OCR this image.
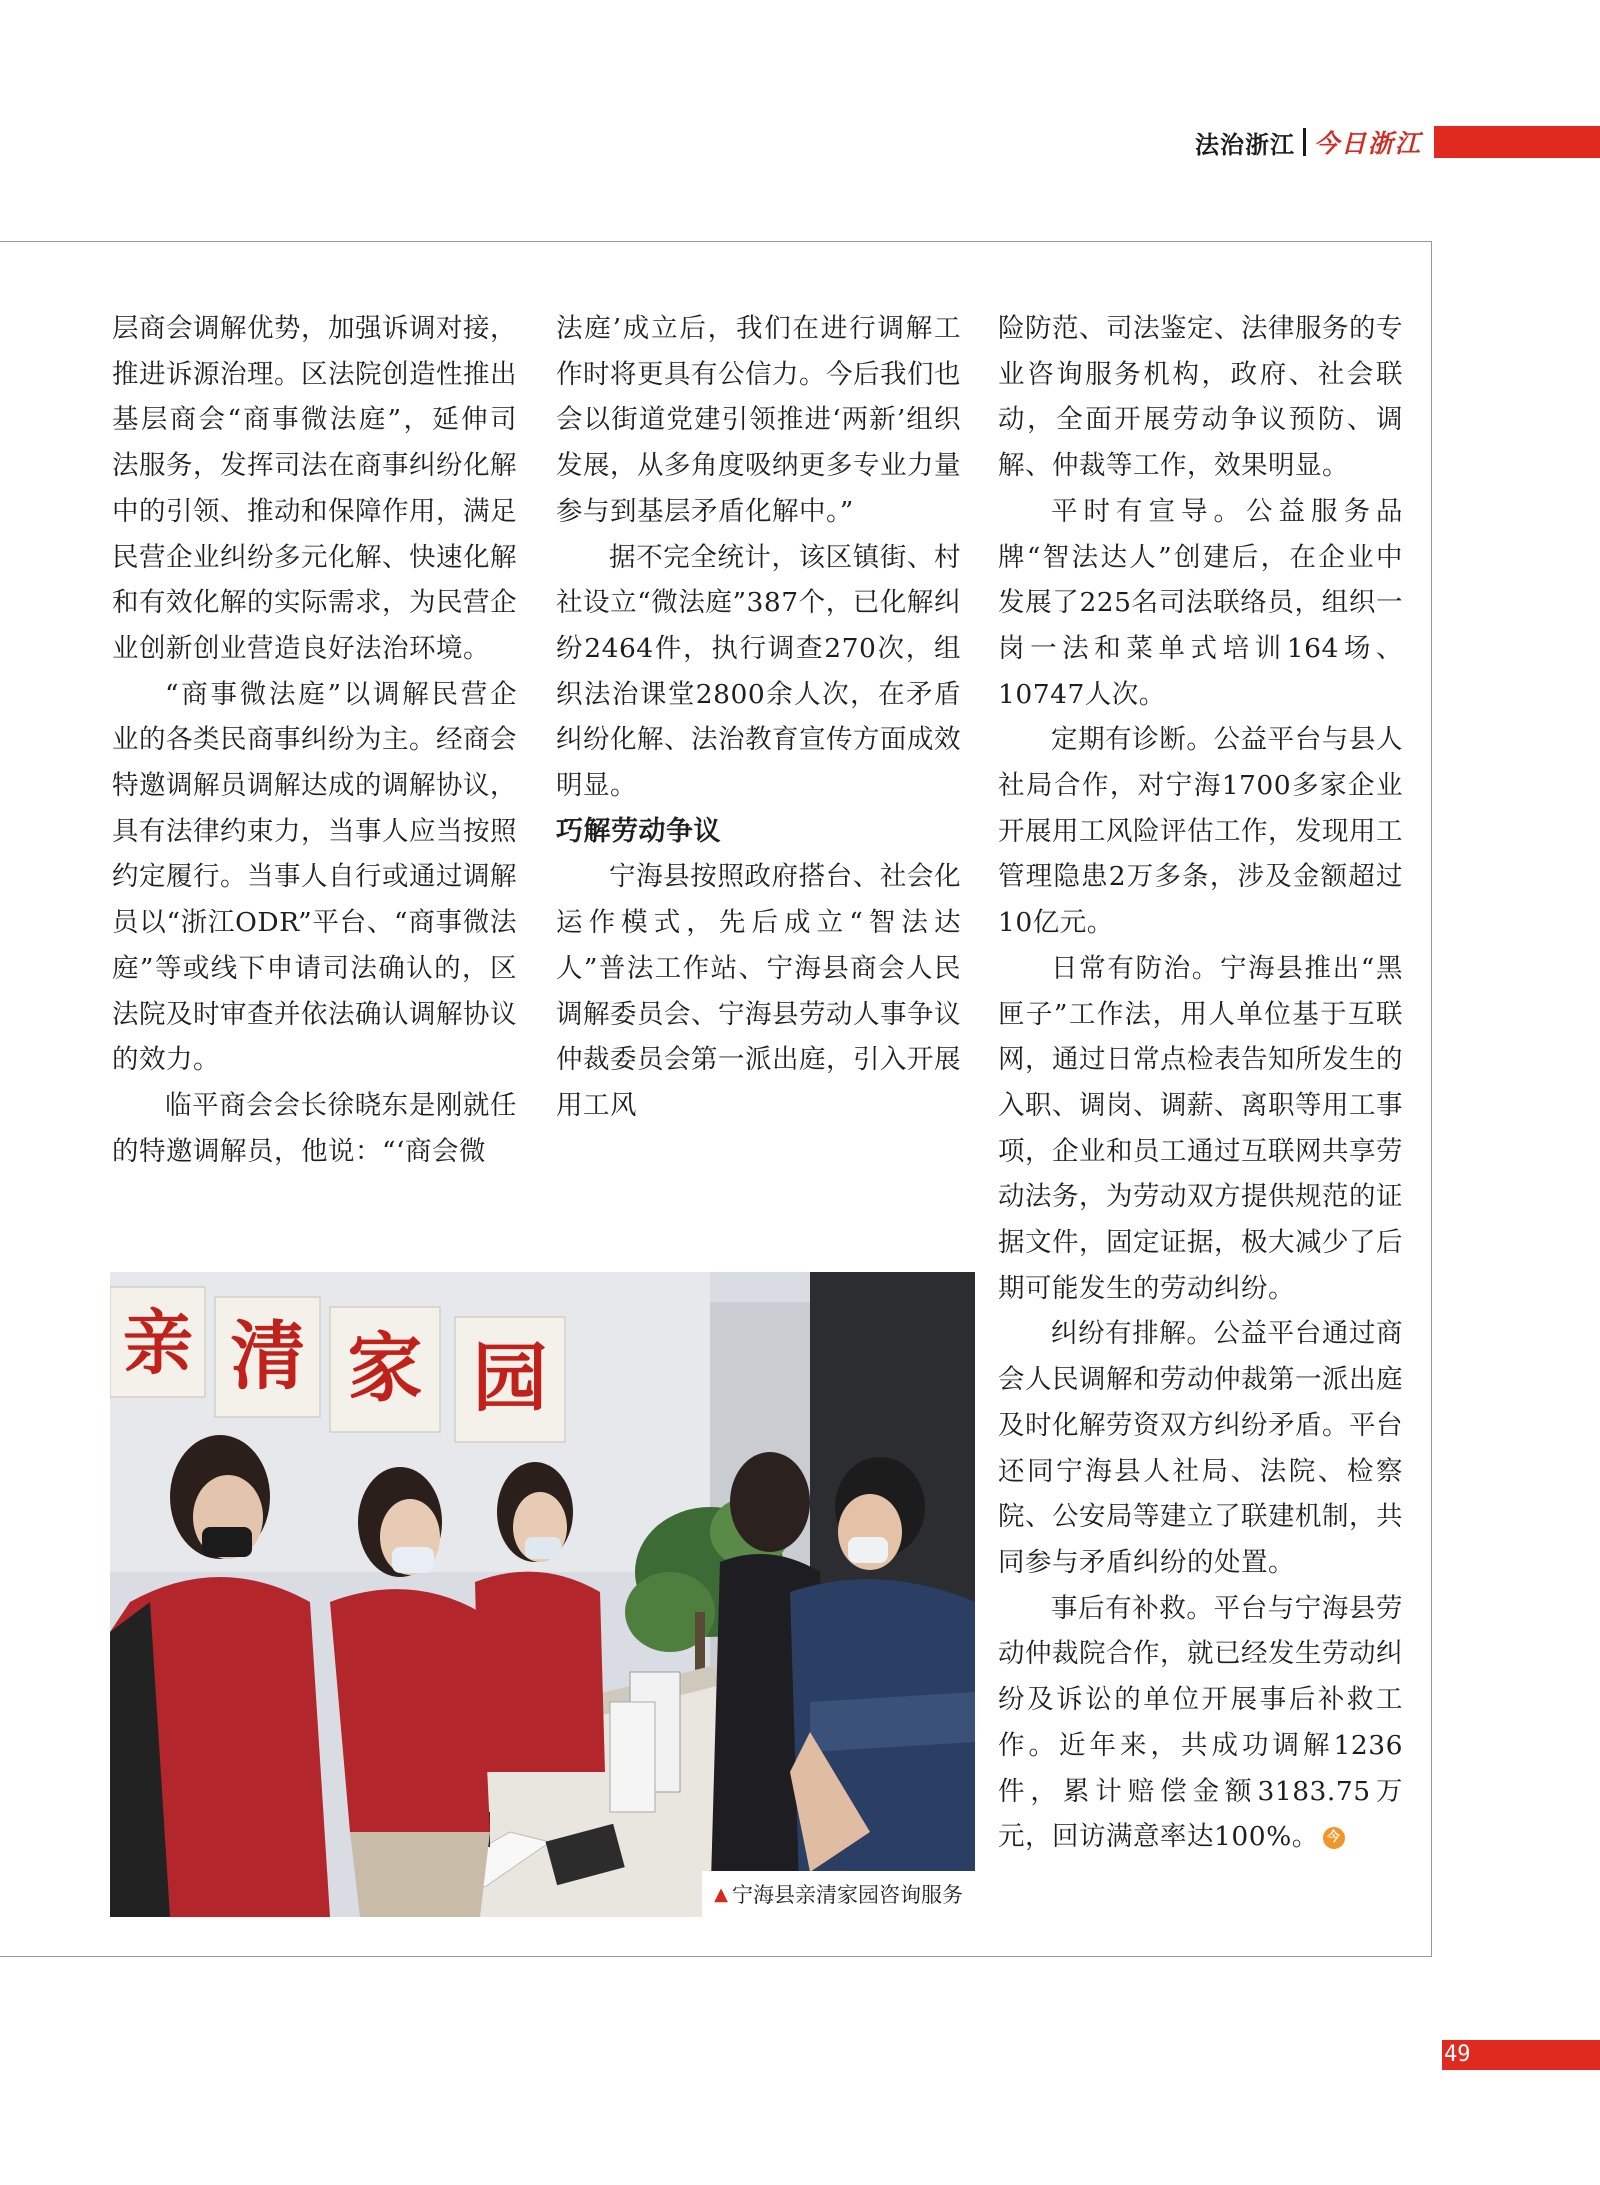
法治浙江 今日浙江

层商会调解优势，加强诉调对接，推进诉源治理。区法院创造性推出基层商会“商事微法庭”，延伸司法服务，发挥司法在商事纠纷化解中的引领、推动和保障作用，满足民营企业纠纷多元化解、快速化解和有效化解的实际需求，为民营企业创新创业营造良好法治环境。

“商事微法庭”以调解民营企业的各类民商事纠纷为主。经商会特邀调解员调解达成的调解协议，具有法律约束力，当事人应当按照约定履行。当事人自行或通过调解员以“浙江ODR”平台、“商事微法庭”等或线下申请司法确认的，区法院及时审查并依法确认调解协议的效力。

临平商会会长徐晓东是刚就任的特邀调解员，他说：“‘商会微

法庭’成立后，我们在进行调解工作时将更具有公信力。今后我们也会以街道党建引领推进‘两新’组织发展，从多角度吸纳更多专业力量参与到基层矛盾化解中。”

据不完全统计，该区镇街、村社设立“微法庭”387个，已化解纠纷2464件，执行调查270次，组织法治课堂2800余人次，在矛盾纠纷化解、法治教育宣传方面成效明显。

巧解劳动争议

宁海县按照政府搭台、社会化运作模式，先后成立“智法达人”普法工作站、宁海县商会人民调解委员会、宁海县劳动人事争议仲裁委员会第一派出庭，引入开展用工风

险防范、司法鉴定、法律服务的专业咨询服务机构，政府、社会联动，全面开展劳动争议预防、调解、仲裁等工作，效果明显。

平时有宣导。公益服务品牌“智法达人”创建后，在企业中发展了225名司法联络员，组织一岗一法和菜单式培训164场、10747人次。

定期有诊断。公益平台与县人社局合作，对宁海1700多家企业开展用工风险评估工作，发现用工管理隐患2万多条，涉及金额超过10亿元。

日常有防治。宁海县推出“黑匣子”工作法，用人单位基于互联网，通过日常点检表告知所发生的入职、调岗、调薪、离职等用工事项，企业和员工通过互联网共享劳动法务，为劳动双方提供规范的证据文件，固定证据，极大减少了后期可能发生的劳动纠纷。

纠纷有排解。公益平台通过商会人民调解和劳动仲裁第一派出庭及时化解劳资双方纠纷矛盾。平台还同宁海县人社局、法院、检察院、公安局等建立了联建机制，共同参与矛盾纠纷的处置。

事后有补救。平台与宁海县劳动仲裁院合作，就已经发生劳动纠纷及诉讼的单位开展事后补救工作。近年来，共成功调解1236件，累计赔偿金额3183.75万元，回访满意率达100%。 今

亲 清 家 园
▲ 宁海县亲清家园咨询服务
49
